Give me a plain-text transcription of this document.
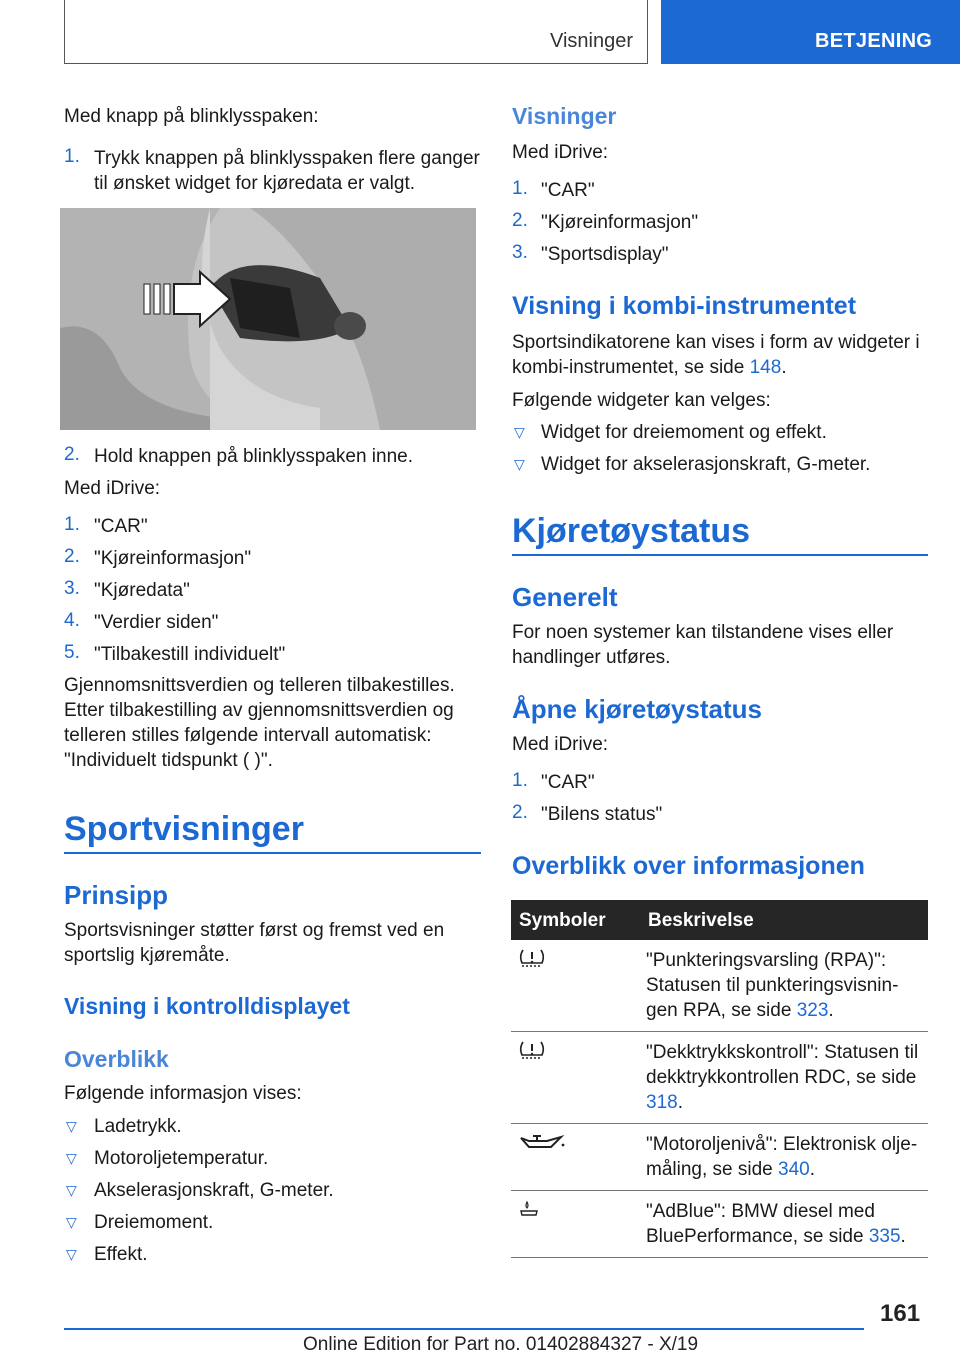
Visninger	BETJENING
Med knapp på blinklysspaken:
1. Trykk knappen på blinklysspaken flere ganger til ønsket widget for kjøredata er valgt.
2. Hold knappen på blinklysspaken inne.
Med iDrive:
1. "CAR"
2. "Kjøreinformasjon"
3. "Kjøredata"
4. "Verdier siden"
5. "Tilbakestill individuelt"
Gjennomsnittsverdien og telleren tilbakestilles. Etter tilbakestilling av gjennomsnittsverdien og telleren stilles følgende intervall automatisk: "Individuelt tidspunkt ( )".
Sportvisninger
Prinsipp
Sportsvisninger støtter først og fremst ved en sportslig kjøremåte.
Visning i kontrolldisplayet
Overblikk
Følgende informasjon vises:
▽ Ladetrykk.
▽ Motoroljetemperatur.
▽ Akselerasjonskraft, G-meter.
▽ Dreiemoment.
▽ Effekt.
Visninger
Med iDrive:
1. "CAR"
2. "Kjøreinformasjon"
3. "Sportsdisplay"
Visning i kombi-instrumentet
Sportsindikatorene kan vises i form av widgeter i kombi-instrumentet, se side 148.
Følgende widgeter kan velges:
▽ Widget for dreiemoment og effekt.
▽ Widget for akselerasjonskraft, G-meter.
Kjøretøystatus
Generelt
For noen systemer kan tilstandene vises eller handlinger utføres.
Åpne kjøretøystatus
Med iDrive:
1. "CAR"
2. "Bilens status"
Overblikk over informasjonen
Symboler	Beskrivelse
	"Punkteringsvarsling (RPA)": Statusen til punkteringsvisningen RPA, se side 323.
	"Dekktrykkskontroll": Statusen til dekktrykkontrollen RDC, se side 318.
	"Motoroljenivå": Elektronisk oljemåling, se side 340.
	"AdBlue": BMW diesel med BluePerformance, se side 335.
161
Online Edition for Part no. 01402884327 - X/19
